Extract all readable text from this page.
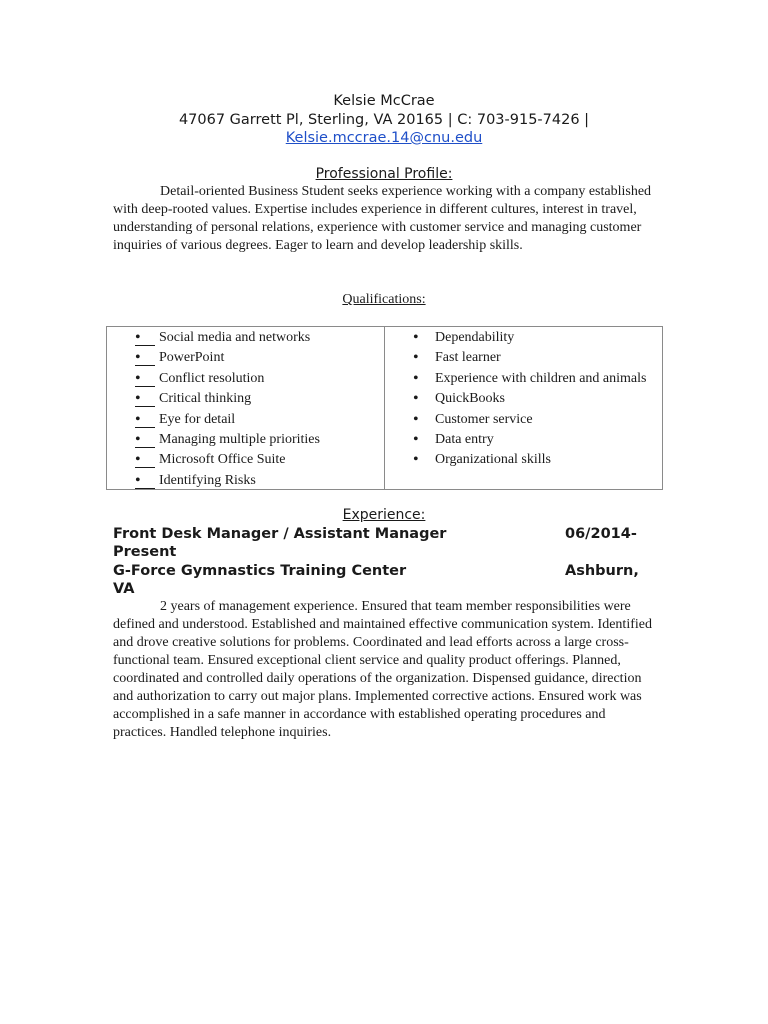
Kelsie McCrae
47067 Garrett Pl, Sterling, VA 20165 | C: 703-915-7426 |
Kelsie.mccrae.14@cnu.edu
Professional Profile:

Detail-oriented Business Student seeks experience working with a company established with deep-rooted values. Expertise includes experience in different cultures, interest in travel, understanding of personal relations, experience with customer service and managing customer inquiries of various degrees. Eager to learn and develop leadership skills.

Qualifications:
•
Social media and networks
•
PowerPoint
•
Conflict resolution
•
Critical thinking
•
Eye for detail
•
Managing multiple priorities
•
Microsoft Office Suite
•
Identifying Risks
Dependability
Fast learner
Experience with children and animals
QuickBooks
Customer service
Data entry
Organizational skills
Experience:
Front Desk Manager / Assistant Manager	06/2014-
Present
G-Force Gymnastics Training Center	Ashburn,
VA

2 years of management experience. Ensured that team member responsibilities were defined and understood. Established and maintained effective communication system. Identified and drove creative solutions for problems. Coordinated and lead efforts across a large cross-functional team. Ensured exceptional client service and quality product offerings. Planned, coordinated and controlled daily operations of the organization. Dispensed guidance, direction and authorization to carry out major plans. Implemented corrective actions. Ensured work was accomplished in a safe manner in accordance with established operating procedures and practices. Handled telephone inquiries.
